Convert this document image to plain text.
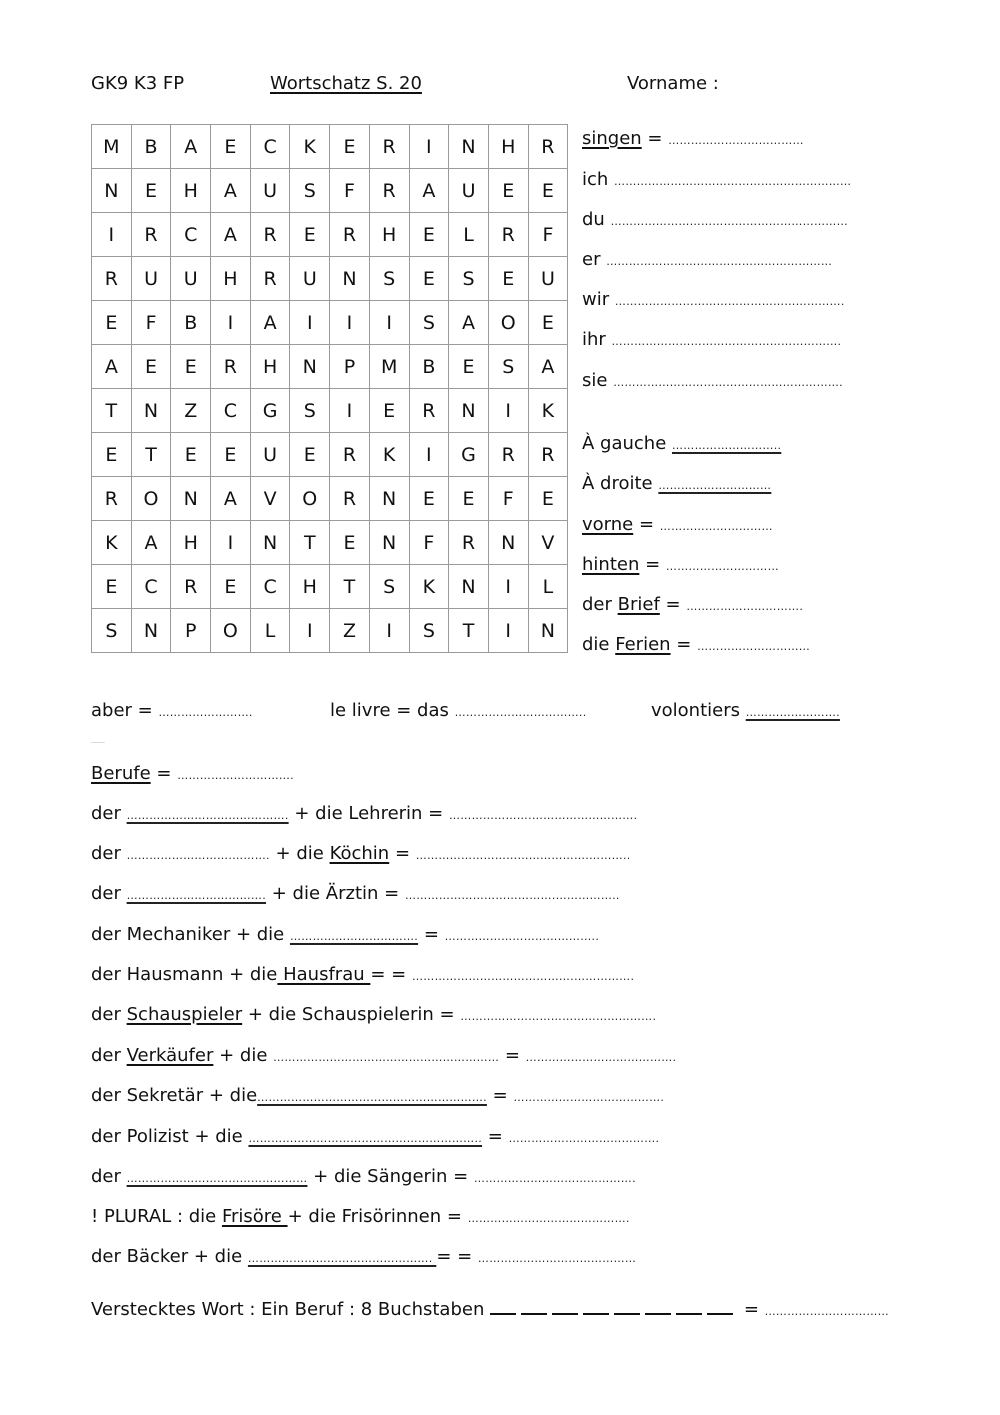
GK9 K3 FP	Wortschatz S. 20	Vorname :
M	B	A	E	C	K	E	R	I	N	H	R
N	E	H	A	U	S	F	R	A	U	E	E
I	R	C	A	R	E	R	H	E	L	R	F
R	U	U	H	R	U	N	S	E	S	E	U
E	F	B	I	A	I	I	I	S	A	O	E
A	E	E	R	H	N	P	M	B	E	S	A
T	N	Z	C	G	S	I	E	R	N	I	K
E	T	E	E	U	E	R	K	I	G	R	R
R	O	N	A	V	O	R	N	E	E	F	E
K	A	H	I	N	T	E	N	F	R	N	V
E	C	R	E	C	H	T	S	K	N	I	L
S	N	P	O	L	I	Z	I	S	T	I	N
singen = ………………………………
ich ………………………………………………………
du ………………………………………………………
er ……………………………………………………
wir …………………………………………………….
ihr …………………………………………………….
sie …………………………………………………….
À gauche ………………………..
À droite …………………………
vorne = …………………………
hinten = …………………………
der Brief = ………………………….
die Ferien = …………………………
aber = …………………….	le livre = das ……………………………..	volontiers …………………….
…….
Berufe = ………………………….
der ……………………………………. + die Lehrerin = ………………….……………………….
der ……………………….………. + die Köchin = ……………………………………….………..
der ………………………………. + die Ärztin = ………………………………….……………..
der Mechaniker + die ……………………………. = …………………………………..
der Hausmann + die Hausfrau = = …………………………………….…………….
der Schauspieler + die Schauspielerin = …………………………………………….
der Verkäufer + die …………………………………………………… = ………………………………….
der Sekretär + die……………………………………………………. = ………………………………….
der Polizist + die …………………………………………………….. = ………………………………….
der ………………………………………… + die Sängerin = …………………………………….
! PLURAL : die Frisöre + die Frisörinnen = …………………………………….
der Bäcker + die …………………………………………. = = ……………………………………
Verstecktes Wort : Ein Beruf : 8 Buchstaben	= ……………………………
